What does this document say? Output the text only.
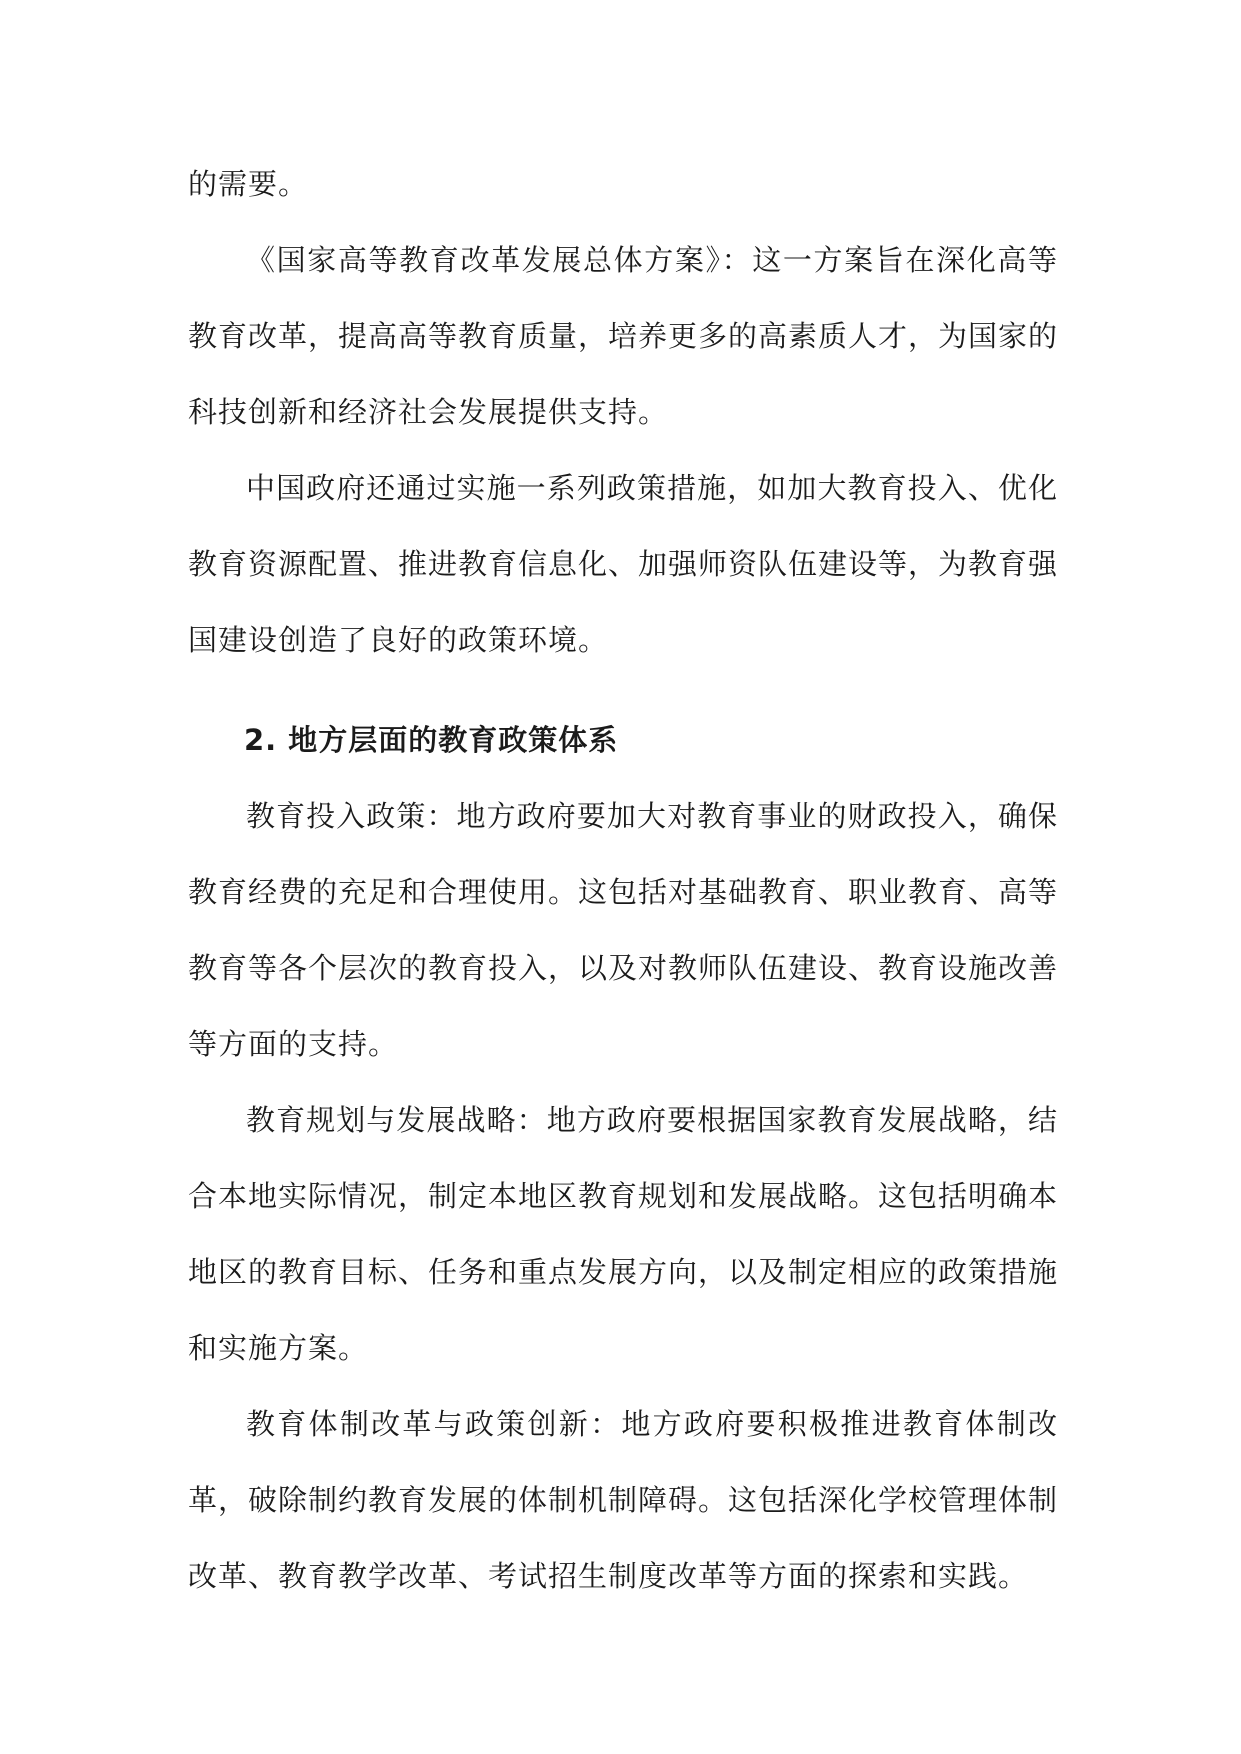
的需要。

《国家高等教育改革发展总体方案》：这一方案旨在深化高等教育改革，提高高等教育质量，培养更多的高素质人才，为国家的科技创新和经济社会发展提供支持。

中国政府还通过实施一系列政策措施，如加大教育投入、优化教育资源配置、推进教育信息化、加强师资队伍建设等，为教育强国建设创造了良好的政策环境。

2. 地方层面的教育政策体系

教育投入政策：地方政府要加大对教育事业的财政投入，确保教育经费的充足和合理使用。这包括对基础教育、职业教育、高等教育等各个层次的教育投入，以及对教师队伍建设、教育设施改善等方面的支持。

教育规划与发展战略：地方政府要根据国家教育发展战略，结合本地实际情况，制定本地区教育规划和发展战略。这包括明确本地区的教育目标、任务和重点发展方向，以及制定相应的政策措施和实施方案。

教育体制改革与政策创新：地方政府要积极推进教育体制改革，破除制约教育发展的体制机制障碍。这包括深化学校管理体制改革、教育教学改革、考试招生制度改革等方面的探索和实践。
